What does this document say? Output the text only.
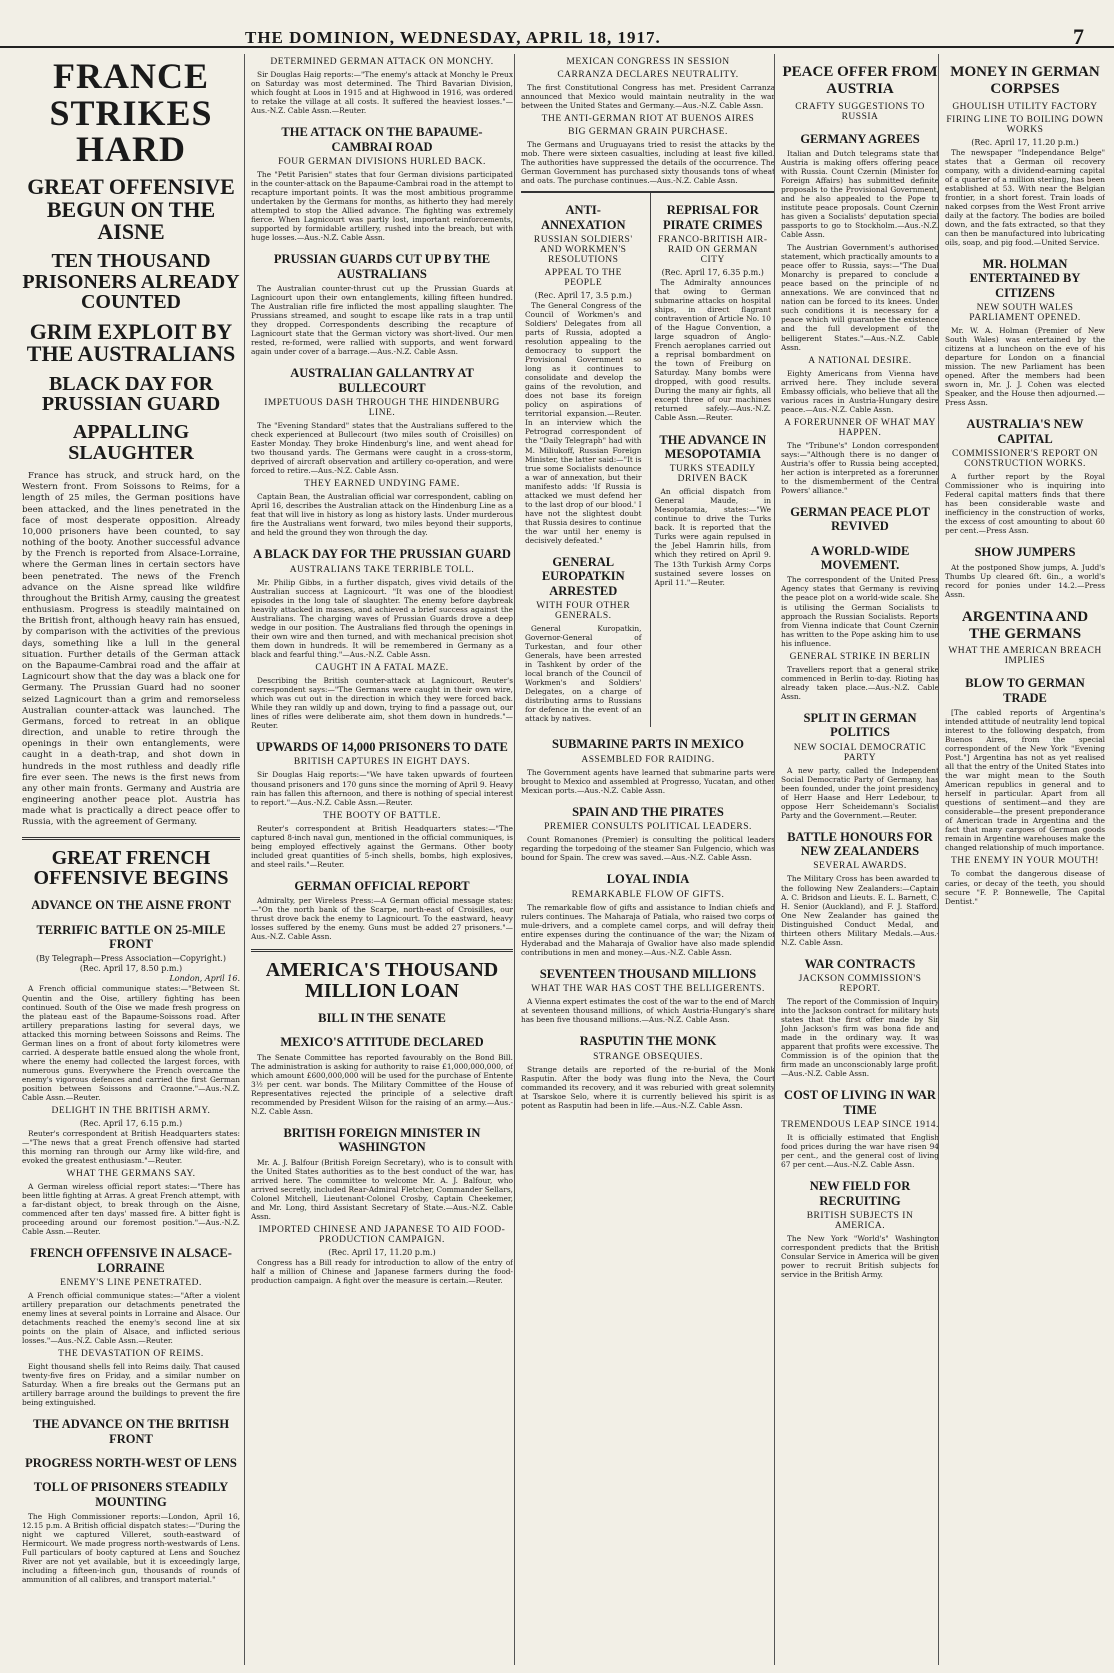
THE DOMINION, WEDNESDAY, APRIL 18, 1917.	7
FRANCE STRIKES HARD
GREAT OFFENSIVE BEGUN ON THE AISNE
TEN THOUSAND PRISONERS ALREADY COUNTED
GRIM EXPLOIT BY THE AUSTRALIANS
BLACK DAY FOR PRUSSIAN GUARD
APPALLING SLAUGHTER

France has struck, and struck hard, on the Western front. From Soissons to Reims, for a length of 25 miles, the German positions have been attacked, and the lines penetrated in the face of most desperate opposition. Already 10,000 prisoners have been counted, to say nothing of the booty. Another successful advance by the French is reported from Alsace-Lorraine, where the German lines in certain sectors have been penetrated. The news of the French advance on the Aisne spread like wildfire throughout the British Army, causing the greatest enthusiasm. Progress is steadily maintained on the British front, although heavy rain has ensued, by comparison with the activities of the previous days, something like a lull in the general situation. Further details of the German attack on the Bapaume-Cambrai road and the affair at Lagnicourt show that the day was a black one for Germany. The Prussian Guard had no sooner seized Lagnicourt than a grim and remorseless Australian counter-attack was launched. The Germans, forced to retreat in an oblique direction, and unable to retire through the openings in their own entanglements, were caught in a death-trap, and shot down in hundreds in the most ruthless and deadly rifle fire ever seen. The news is the first news from any other main fronts. Germany and Austria are engineering another peace plot. Austria has made what is practically a direct peace offer to Russia, with the agreement of Germany.

GREAT FRENCH OFFENSIVE BEGINS
ADVANCE ON THE AISNE FRONT
TERRIFIC BATTLE ON 25-MILE FRONT
(By Telegraph—Press Association—Copyright.)
(Rec. April 17, 8.50 p.m.)
London, April 16.

A French official communique states:—"Between St. Quentin and the Oise, artillery fighting has been continued. South of the Oise we made fresh progress on the plateau east of the Bapaume-Soissons road. After artillery preparations lasting for several days, we attacked this morning between Soissons and Reims. The German lines on a front of about forty kilometres were carried. A desperate battle ensued along the whole front, where the enemy had collected the largest forces, with numerous guns. Everywhere the French overcame the enemy's vigorous defences and carried the first German position between Soissons and Craonne."—Aus.-N.Z. Cable Assn.—Reuter.

DELIGHT IN THE BRITISH ARMY.
(Rec. April 17, 6.15 p.m.)

Reuter's correspondent at British Headquarters states:—"The news that a great French offensive had started this morning ran through our Army like wild-fire, and evoked the greatest enthusiasm."—Reuter.

WHAT THE GERMANS SAY.

A German wireless official report states:—"There has been little fighting at Arras. A great French attempt, with a far-distant object, to break through on the Aisne, commenced after ten days' massed fire. A bitter fight is proceeding around our foremost position."—Aus.-N.Z. Cable Assn.—Reuter.

FRENCH OFFENSIVE IN ALSACE-LORRAINE
ENEMY'S LINE PENETRATED.

A French official communique states:—"After a violent artillery preparation our detachments penetrated the enemy lines at several points in Lorraine and Alsace. Our detachments reached the enemy's second line at six points on the plain of Alsace, and inflicted serious losses."—Aus.-N.Z. Cable Assn.—Reuter.

THE DEVASTATION OF REIMS.

Eight thousand shells fell into Reims daily. That caused twenty-five fires on Friday, and a similar number on Saturday. When a fire breaks out the Germans put an artillery barrage around the buildings to prevent the fire being extinguished.

THE ADVANCE ON THE BRITISH FRONT
PROGRESS NORTH-WEST OF LENS
TOLL OF PRISONERS STEADILY MOUNTING

The High Commissioner reports:—London, April 16, 12.15 p.m. A British official dispatch states:—"During the night we captured Villeret, south-eastward of Hermicourt. We made progress north-westwards of Lens. Full particulars of booty captured at Lens and Souchez River are not yet available, but it is exceedingly large, including a fifteen-inch gun, thousands of rounds of ammunition of all calibres, and transport material."

DETERMINED GERMAN ATTACK ON MONCHY.

Sir Douglas Haig reports:—"The enemy's attack at Monchy le Preux on Saturday was most determined. The Third Bavarian Division, which fought at Loos in 1915 and at Highwood in 1916, was ordered to retake the village at all costs. It suffered the heaviest losses."—Aus.-N.Z. Cable Assn.—Reuter.

THE ATTACK ON THE BAPAUME-CAMBRAI ROAD
FOUR GERMAN DIVISIONS HURLED BACK.

The "Petit Parisien" states that four German divisions participated in the counter-attack on the Bapaume-Cambrai road in the attempt to recapture important points. It was the most ambitious programme undertaken by the Germans for months, as hitherto they had merely attempted to stop the Allied advance. The fighting was extremely fierce. When Lagnicourt was partly lost, important reinforcements, supported by formidable artillery, rushed into the breach, but with huge losses.—Aus.-N.Z. Cable Assn.

PRUSSIAN GUARDS CUT UP BY THE AUSTRALIANS

The Australian counter-thrust cut up the Prussian Guards at Lagnicourt upon their own entanglements, killing fifteen hundred. The Australian rifle fire inflicted the most appalling slaughter. The Prussians streamed, and sought to escape like rats in a trap until they dropped. Correspondents describing the recapture of Lagnicourt state that the German victory was short-lived. Our men rested, re-formed, were rallied with supports, and went forward again under cover of a barrage.—Aus.-N.Z. Cable Assn.

AUSTRALIAN GALLANTRY AT BULLECOURT
IMPETUOUS DASH THROUGH THE HINDENBURG LINE.

The "Evening Standard" states that the Australians suffered to the check experienced at Bullecourt (two miles south of Croisilles) on Easter Monday. They broke Hindenburg's line, and went ahead for two thousand yards. The Germans were caught in a cross-storm, deprived of aircraft observation and artillery co-operation, and were forced to retire.—Aus.-N.Z. Cable Assn.

THEY EARNED UNDYING FAME.

Captain Bean, the Australian official war correspondent, cabling on April 16, describes the Australian attack on the Hindenburg Line as a feat that will live in history as long as history lasts. Under murderous fire the Australians went forward, two miles beyond their supports, and held the ground they won through the day.

A BLACK DAY FOR THE PRUSSIAN GUARD
AUSTRALIANS TAKE TERRIBLE TOLL.

Mr. Philip Gibbs, in a further dispatch, gives vivid details of the Australian success at Lagnicourt. "It was one of the bloodiest episodes in the long tale of slaughter. The enemy before daybreak heavily attacked in masses, and achieved a brief success against the Australians. The charging waves of Prussian Guards drove a deep wedge in our position. The Australians fled through the openings in their own wire and then turned, and with mechanical precision shot them down in hundreds. It will be remembered in Germany as a black and fearful thing."—Aus.-N.Z. Cable Assn.

CAUGHT IN A FATAL MAZE.

Describing the British counter-attack at Lagnicourt, Reuter's correspondent says:—"The Germans were caught in their own wire, which was cut out in the direction in which they were forced back. While they ran wildly up and down, trying to find a passage out, our lines of rifles were deliberate aim, shot them down in hundreds."—Reuter.

UPWARDS OF 14,000 PRISONERS TO DATE
BRITISH CAPTURES IN EIGHT DAYS.

Sir Douglas Haig reports:—"We have taken upwards of fourteen thousand prisoners and 170 guns since the morning of April 9. Heavy rain has fallen this afternoon, and there is nothing of special interest to report."—Aus.-N.Z. Cable Assn.—Reuter.

THE BOOTY OF BATTLE.

Reuter's correspondent at British Headquarters states:—"The captured 8-inch naval gun, mentioned in the official communiques, is being employed effectively against the Germans. Other booty included great quantities of 5-inch shells, bombs, high explosives, and steel rails."—Reuter.

GERMAN OFFICIAL REPORT

Admiralty, per Wireless Press:—A German official message states:—"On the north bank of the Scarpe, north-east of Croisilles, our thrust drove back the enemy to Lagnicourt. To the eastward, heavy losses suffered by the enemy. Guns must be added 27 prisoners."—Aus.-N.Z. Cable Assn.

AMERICA'S THOUSAND MILLION LOAN
BILL IN THE SENATE
MEXICO'S ATTITUDE DECLARED

The Senate Committee has reported favourably on the Bond Bill. The administration is asking for authority to raise £1,000,000,000, of which amount £600,000,000 will be used for the purchase of Entente 3½ per cent. war bonds. The Military Committee of the House of Representatives rejected the principle of a selective draft recommended by President Wilson for the raising of an army.—Aus.-N.Z. Cable Assn.

BRITISH FOREIGN MINISTER IN WASHINGTON

Mr. A. J. Balfour (British Foreign Secretary), who is to consult with the United States authorities as to the best conduct of the war, has arrived here. The committee to welcome Mr. A. J. Balfour, who arrived secretly, included Rear-Admiral Fletcher, Commander Sellars, Colonel Mitchell, Lieutenant-Colonel Crosby, Captain Cheekemer, and Mr. Long, third Assistant Secretary of State.—Aus.-N.Z. Cable Assn.

IMPORTED CHINESE AND JAPANESE TO AID FOOD-PRODUCTION CAMPAIGN.
(Rec. April 17, 11.20 p.m.)

Congress has a Bill ready for introduction to allow of the entry of half a million of Chinese and Japanese farmers during the food-production campaign. A fight over the measure is certain.—Reuter.

MEXICAN CONGRESS IN SESSION
CARRANZA DECLARES NEUTRALITY.

The first Constitutional Congress has met. President Carranza announced that Mexico would maintain neutrality in the war between the United States and Germany.—Aus.-N.Z. Cable Assn.

THE ANTI-GERMAN RIOT AT BUENOS AIRES
BIG GERMAN GRAIN PURCHASE.

The Germans and Uruguayans tried to resist the attacks by the mob. There were sixteen casualties, including at least five killed. The authorities have suppressed the details of the occurrence. The German Government has purchased sixty thousands tons of wheat and oats. The purchase continues.—Aus.-N.Z. Cable Assn.

ANTI-ANNEXATION
RUSSIAN SOLDIERS' AND WORKMEN'S RESOLUTIONS
APPEAL TO THE PEOPLE
(Rec. April 17, 3.5 p.m.)

The General Congress of the Council of Workmen's and Soldiers' Delegates from all parts of Russia, adopted a resolution appealing to the democracy to support the Provisional Government so long as it continues to consolidate and develop the gains of the revolution, and does not base its foreign policy on aspirations of territorial expansion.—Reuter. In an interview which the Petrograd correspondent of the "Daily Telegraph" had with M. Miliukoff, Russian Foreign Minister, the latter said:—"It is true some Socialists denounce a war of annexation, but their manifesto adds: 'If Russia is attacked we must defend her to the last drop of our blood.' I have not the slightest doubt that Russia desires to continue the war until her enemy is decisively defeated."

GENERAL EUROPATKIN ARRESTED
WITH FOUR OTHER GENERALS.

General Kuropatkin, Governor-General of Turkestan, and four other Generals, have been arrested in Tashkent by order of the local branch of the Council of Workmen's and Soldiers' Delegates, on a charge of distributing arms to Russians for defence in the event of an attack by natives.

REPRISAL FOR PIRATE CRIMES
FRANCO-BRITISH AIR-RAID ON GERMAN CITY
(Rec. April 17, 6.35 p.m.)

The Admiralty announces that owing to German submarine attacks on hospital ships, in direct flagrant contravention of Article No. 10 of the Hague Convention, a large squadron of Anglo-French aeroplanes carried out a reprisal bombardment on the town of Freiburg on Saturday. Many bombs were dropped, with good results. During the many air fights, all except three of our machines returned safely.—Aus.-N.Z. Cable Assn.—Reuter.

THE ADVANCE IN MESOPOTAMIA
TURKS STEADILY DRIVEN BACK

An official dispatch from General Maude, in Mesopotamia, states:—"We continue to drive the Turks back. It is reported that the Turks were again repulsed in the Jebel Hamrin hills, from which they retired on April 9. The 13th Turkish Army Corps sustained severe losses on April 11."—Reuter.

SUBMARINE PARTS IN MEXICO
ASSEMBLED FOR RAIDING.

The Government agents have learned that submarine parts were brought to Mexico and assembled at Progresso, Yucatan, and other Mexican ports.—Aus.-N.Z. Cable Assn.

SPAIN AND THE PIRATES
PREMIER CONSULTS POLITICAL LEADERS.

Count Romanones (Premier) is consulting the political leaders regarding the torpedoing of the steamer San Fulgencio, which was bound for Spain. The crew was saved.—Aus.-N.Z. Cable Assn.

LOYAL INDIA
REMARKABLE FLOW OF GIFTS.

The remarkable flow of gifts and assistance to Indian chiefs and rulers continues. The Maharaja of Patiala, who raised two corps of mule-drivers, and a complete camel corps, and will defray their entire expenses during the continuance of the war; the Nizam of Hyderabad and the Maharaja of Gwalior have also made splendid contributions in men and money.—Aus.-N.Z. Cable Assn.

SEVENTEEN THOUSAND MILLIONS
WHAT THE WAR HAS COST THE BELLIGERENTS.

A Vienna expert estimates the cost of the war to the end of March at seventeen thousand millions, of which Austria-Hungary's share has been five thousand millions.—Aus.-N.Z. Cable Assn.

RASPUTIN THE MONK
STRANGE OBSEQUIES.

Strange details are reported of the re-burial of the Monk Rasputin. After the body was flung into the Neva, the Court commanded its recovery, and it was reburied with great solemnity at Tsarskoe Selo, where it is currently believed his spirit is as potent as Rasputin had been in life.—Aus.-N.Z. Cable Assn.

PEACE OFFER FROM AUSTRIA
CRAFTY SUGGESTIONS TO RUSSIA
GERMANY AGREES

Italian and Dutch telegrams state that Austria is making offers offering peace with Russia. Count Czernin (Minister for Foreign Affairs) has submitted definite proposals to the Provisional Government, and he also appealed to the Pope to institute peace proposals. Count Czernin has given a Socialists' deputation special passports to go to Stockholm.—Aus.-N.Z. Cable Assn.

The Austrian Government's authorised statement, which practically amounts to a peace offer to Russia, says:—"The Dual Monarchy is prepared to conclude a peace based on the principle of no annexations. We are convinced that no nation can be forced to its knees. Under such conditions it is necessary for a peace which will guarantee the existence and the full development of the belligerent States."—Aus.-N.Z. Cable Assn.

A NATIONAL DESIRE.

Eighty Americans from Vienna have arrived here. They include several Embassy officials, who believe that all the various races in Austria-Hungary desire peace.—Aus.-N.Z. Cable Assn.

A FORERUNNER OF WHAT MAY HAPPEN.

The "Tribune's" London correspondent says:—"Although there is no danger of Austria's offer to Russia being accepted, her action is interpreted as a forerunner to the dismemberment of the Central Powers' alliance."

GERMAN PEACE PLOT REVIVED
A WORLD-WIDE MOVEMENT.

The correspondent of the United Press Agency states that Germany is reviving the peace plot on a world-wide scale. She is utilising the German Socialists to approach the Russian Socialists. Reports from Vienna indicate that Count Czernin has written to the Pope asking him to use his influence.

GENERAL STRIKE IN BERLIN

Travellers report that a general strike commenced in Berlin to-day. Rioting has already taken place.—Aus.-N.Z. Cable Assn.

SPLIT IN GERMAN POLITICS
NEW SOCIAL DEMOCRATIC PARTY

A new party, called the Independent Social Democratic Party of Germany, has been founded, under the joint presidency of Herr Haase and Herr Ledebour, to oppose Herr Scheidemann's Socialist Party and the Government.—Reuter.

BATTLE HONOURS FOR NEW ZEALANDERS
SEVERAL AWARDS.

The Military Cross has been awarded to the following New Zealanders:—Captain A. C. Bridson and Lieuts. E. L. Barnett, C. H. Senior (Auckland), and F. J. Stafford. One New Zealander has gained the Distinguished Conduct Medal, and thirteen others Military Medals.—Aus.-N.Z. Cable Assn.

WAR CONTRACTS
JACKSON COMMISSION'S REPORT.

The report of the Commission of Inquiry into the Jackson contract for military huts states that the first offer made by Sir John Jackson's firm was bona fide and made in the ordinary way. It was apparent that profits were excessive. The Commission is of the opinion that the firm made an unconscionably large profit.—Aus.-N.Z. Cable Assn.

COST OF LIVING IN WAR TIME
TREMENDOUS LEAP SINCE 1914.

It is officially estimated that English food prices during the war have risen 94 per cent., and the general cost of living 67 per cent.—Aus.-N.Z. Cable Assn.

NEW FIELD FOR RECRUITING
BRITISH SUBJECTS IN AMERICA.

The New York "World's" Washington correspondent predicts that the British Consular Service in America will be given power to recruit British subjects for service in the British Army.

MONEY IN GERMAN CORPSES
GHOULISH UTILITY FACTORY
FIRING LINE TO BOILING DOWN WORKS
(Rec. April 17, 11.20 p.m.)

The newspaper "Independance Belge" states that a German oil recovery company, with a dividend-earning capital of a quarter of a million sterling, has been established at 53. With near the Belgian frontier, in a short forest. Train loads of naked corpses from the West Front arrive daily at the factory. The bodies are boiled down, and the fats extracted, so that they can then be manufactured into lubricating oils, soap, and pig food.—United Service.

MR. HOLMAN ENTERTAINED BY CITIZENS
NEW SOUTH WALES PARLIAMENT OPENED.

Mr. W. A. Holman (Premier of New South Wales) was entertained by the citizens at a luncheon on the eve of his departure for London on a financial mission. The new Parliament has been opened. After the members had been sworn in, Mr. J. J. Cohen was elected Speaker, and the House then adjourned.—Press Assn.

AUSTRALIA'S NEW CAPITAL
COMMISSIONER'S REPORT ON CONSTRUCTION WORKS.

A further report by the Royal Commissioner who is inquiring into Federal capital matters finds that there has been considerable waste and inefficiency in the construction of works, the excess of cost amounting to about 60 per cent.—Press Assn.

SHOW JUMPERS

At the postponed Show jumps, A. Judd's Thumbs Up cleared 6ft. 6in., a world's record for ponies under 14.2.—Press Assn.

ARGENTINA AND THE GERMANS
WHAT THE AMERICAN BREACH IMPLIES
BLOW TO GERMAN TRADE

[The cabled reports of Argentina's intended attitude of neutrality lend topical interest to the following despatch, from Buenos Aires, from the special correspondent of the New York "Evening Post."] Argentina has not as yet realised all that the entry of the United States into the war might mean to the South American republics in general and to herself in particular. Apart from all questions of sentiment—and they are considerable—the present preponderance of American trade in Argentina and the fact that many cargoes of German goods remain in Argentine warehouses make the changed relationship of much importance.

THE ENEMY IN YOUR MOUTH!

To combat the dangerous disease of caries, or decay of the teeth, you should secure "F. P. Bonnewelle, The Capital Dentist."
